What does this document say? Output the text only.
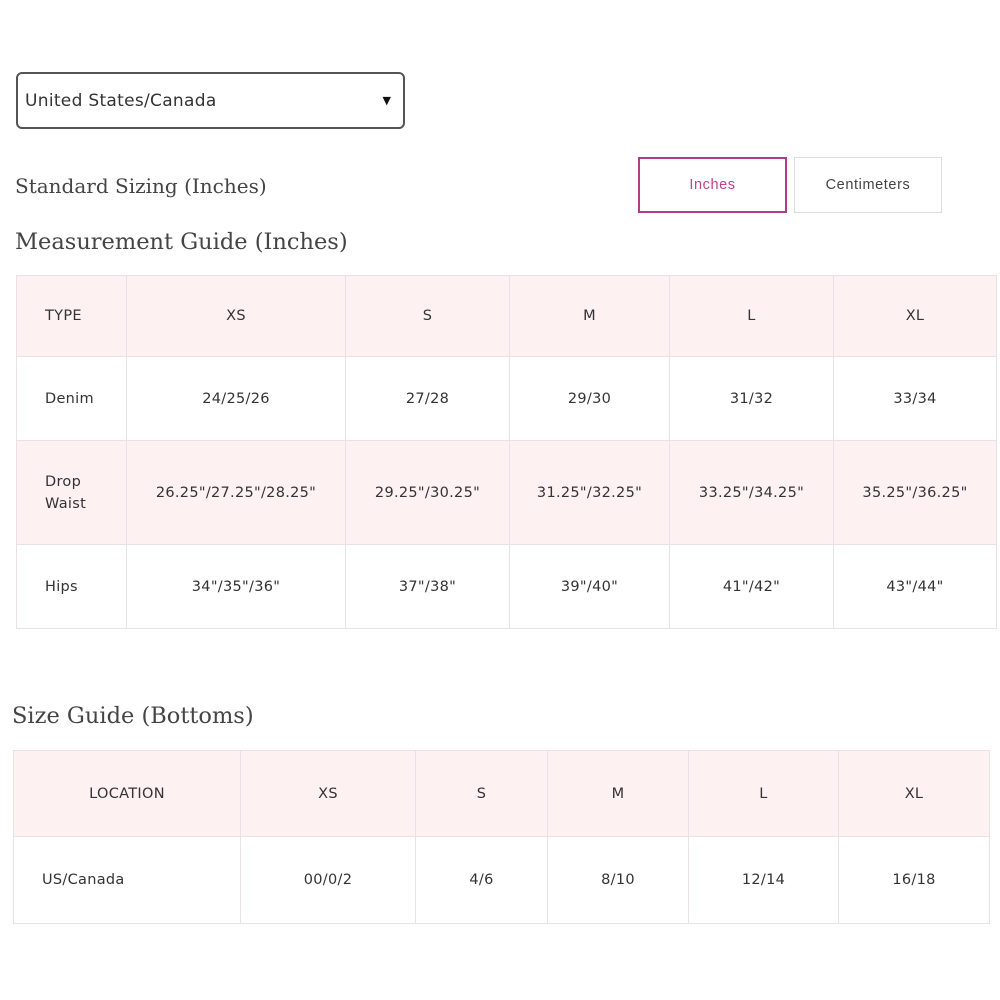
United States/Canada	▼
Standard Sizing (Inches)	Inches	Centimeters
Measurement Guide (Inches)
TYPE	XS	S	M	L	XL
Denim	24/25/26	27/28	29/30	31/32	33/34
Drop Waist	26.25"/27.25"/28.25"	29.25"/30.25"	31.25"/32.25"	33.25"/34.25"	35.25"/36.25"
Hips	34"/35"/36"	37"/38"	39"/40"	41"/42"	43"/44"
Size Guide (Bottoms)
LOCATION	XS	S	M	L	XL
US/Canada	00/0/2	4/6	8/10	12/14	16/18
